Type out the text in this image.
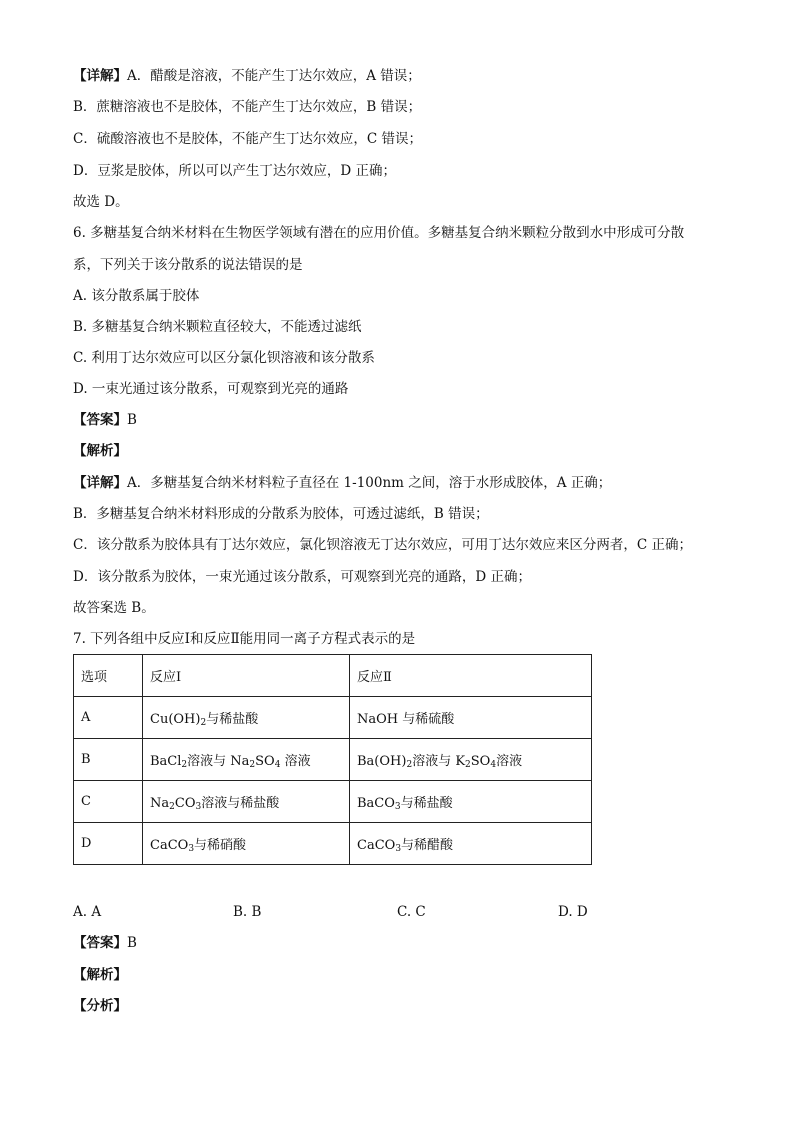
【详解】A．醋酸是溶液，不能产生丁达尔效应，A 错误；
B．蔗糖溶液也不是胶体，不能产生丁达尔效应，B 错误；
C．硫酸溶液也不是胶体，不能产生丁达尔效应，C 错误；
D．豆浆是胶体，所以可以产生丁达尔效应，D 正确；
故选 D。
6. 多糖基复合纳米材料在生物医学领域有潜在的应用价值。多糖基复合纳米颗粒分散到水中形成可分散
系，下列关于该分散系的说法错误的是
A. 该分散系属于胶体
B. 多糖基复合纳米颗粒直径较大，不能透过滤纸
C. 利用丁达尔效应可以区分氯化钡溶液和该分散系
D. 一束光通过该分散系，可观察到光亮的通路
【答案】B
【解析】
【详解】A．多糖基复合纳米材料粒子直径在 1-100nm 之间，溶于水形成胶体，A 正确；
B．多糖基复合纳米材料形成的分散系为胶体，可透过滤纸，B 错误；
C．该分散系为胶体具有丁达尔效应，氯化钡溶液无丁达尔效应，可用丁达尔效应来区分两者，C 正确；
D．该分散系为胶体，一束光通过该分散系，可观察到光亮的通路，D 正确；
故答案选 B。
7. 下列各组中反应Ⅰ和反应Ⅱ能用同一离子方程式表示的是
选项	反应Ⅰ	反应Ⅱ
A	$Cu(OH)_2$与稀盐酸	NaOH 与稀硫酸
B	BaCl$_2$溶液与 $Na_2SO_4$ 溶液	$Ba(OH)_2$溶液与 $K_2SO_4$溶液
C	$Na_2CO_3$溶液与稀盐酸	BaCO$_3$与稀盐酸
D	CaCO$_3$与稀硝酸	CaCO$_3$与稀醋酸
A. A	B. B	C. C	D. D
【答案】B
【解析】
【分析】
